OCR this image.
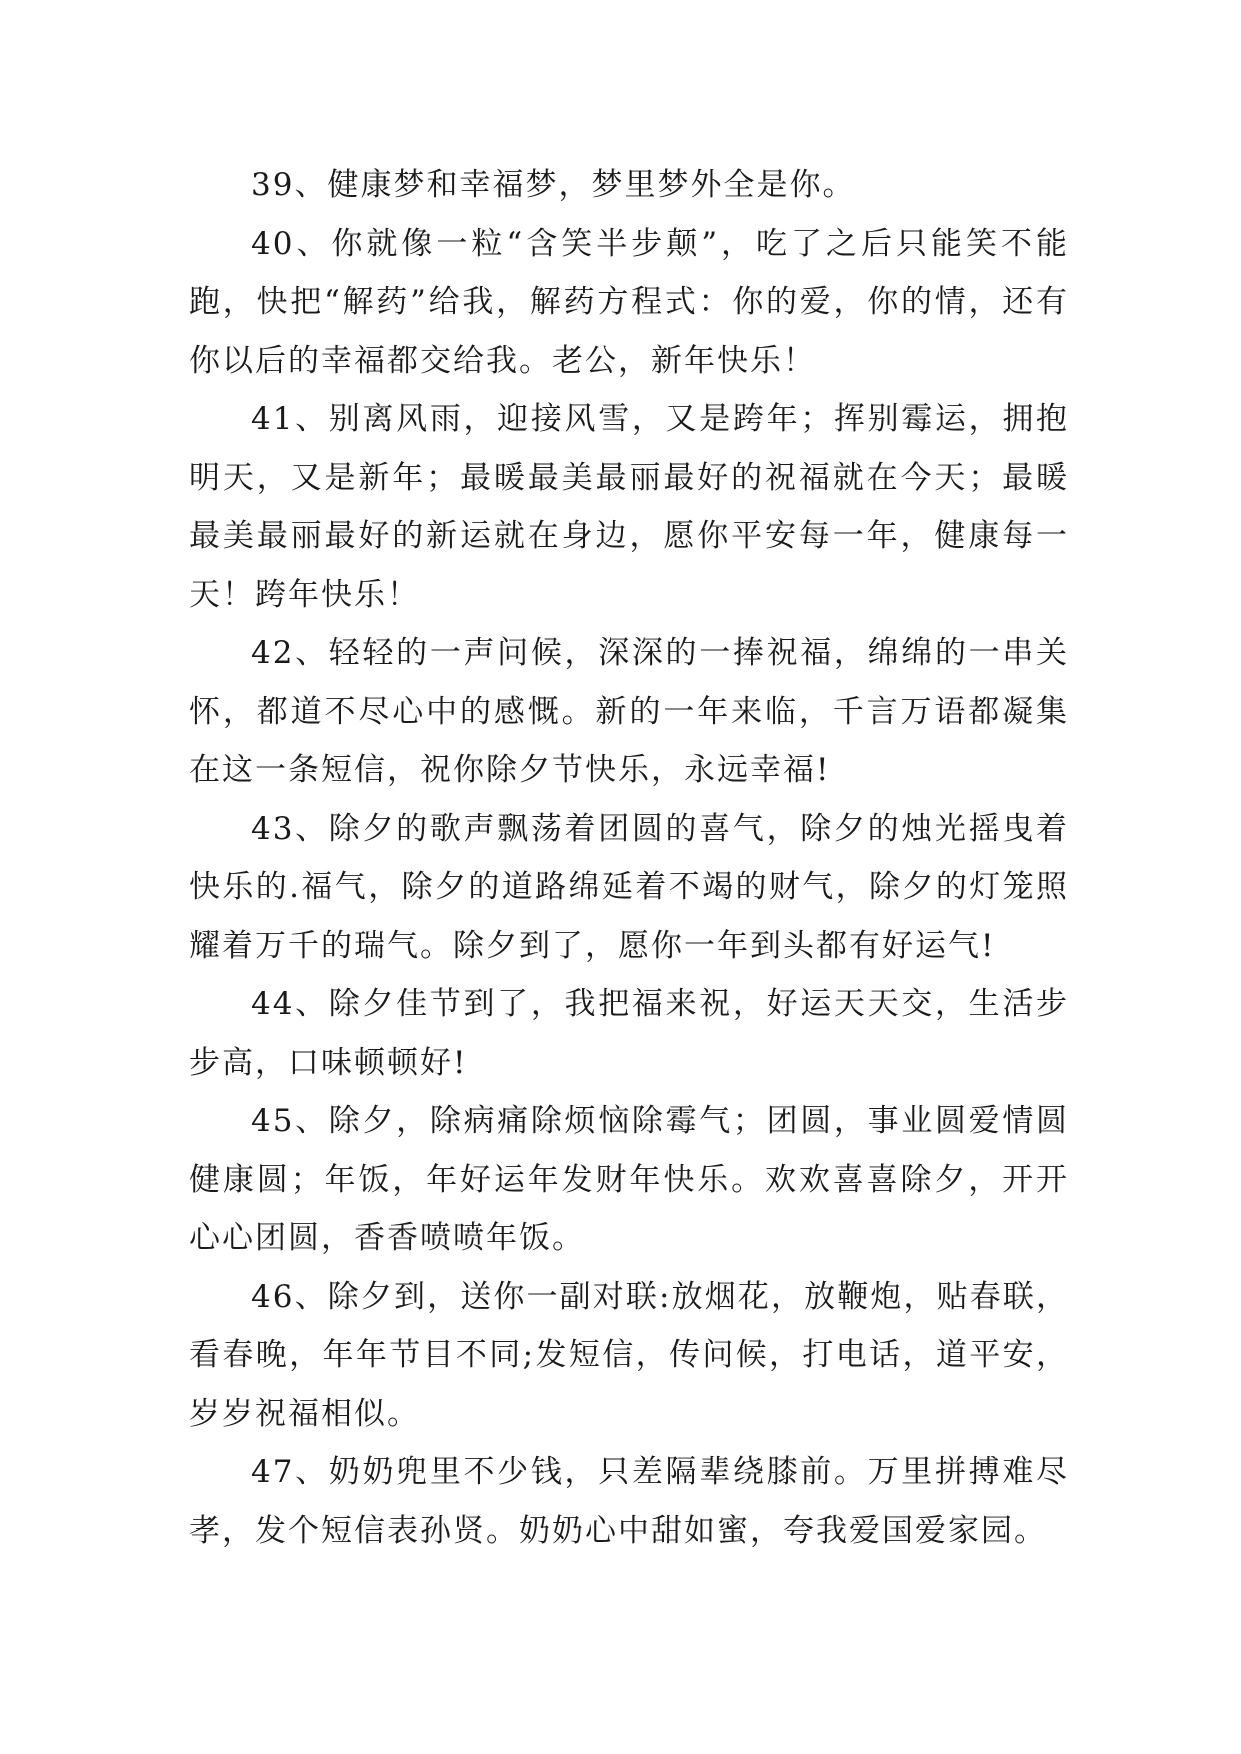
39、健康梦和幸福梦，梦里梦外全是你。

40、你就像一粒“含笑半步颠”，吃了之后只能笑不能跑，快把“解药”给我，解药方程式：你的爱，你的情，还有你以后的幸福都交给我。老公，新年快乐！

41、别离风雨，迎接风雪，又是跨年；挥别霉运，拥抱明天，又是新年；最暖最美最丽最好的祝福就在今天；最暖最美最丽最好的新运就在身边，愿你平安每一年，健康每一天！跨年快乐！

42、轻轻的一声问候，深深的一捧祝福，绵绵的一串关怀，都道不尽心中的感慨。新的一年来临，千言万语都凝集在这一条短信，祝你除夕节快乐，永远幸福!

43、除夕的歌声飘荡着团圆的喜气，除夕的烛光摇曳着快乐的.福气，除夕的道路绵延着不竭的财气，除夕的灯笼照耀着万千的瑞气。除夕到了，愿你一年到头都有好运气!

44、除夕佳节到了，我把福来祝，好运天天交，生活步步高，口味顿顿好!

45、除夕，除病痛除烦恼除霉气；团圆，事业圆爱情圆健康圆；年饭，年好运年发财年快乐。欢欢喜喜除夕，开开心心团圆，香香喷喷年饭。

46、除夕到，送你一副对联:放烟花，放鞭炮，贴春联，看春晚，年年节目不同;发短信，传问候，打电话，道平安，岁岁祝福相似。

47、奶奶兜里不少钱，只差隔辈绕膝前。万里拼搏难尽孝，发个短信表孙贤。奶奶心中甜如蜜，夸我爱国爱家园。
